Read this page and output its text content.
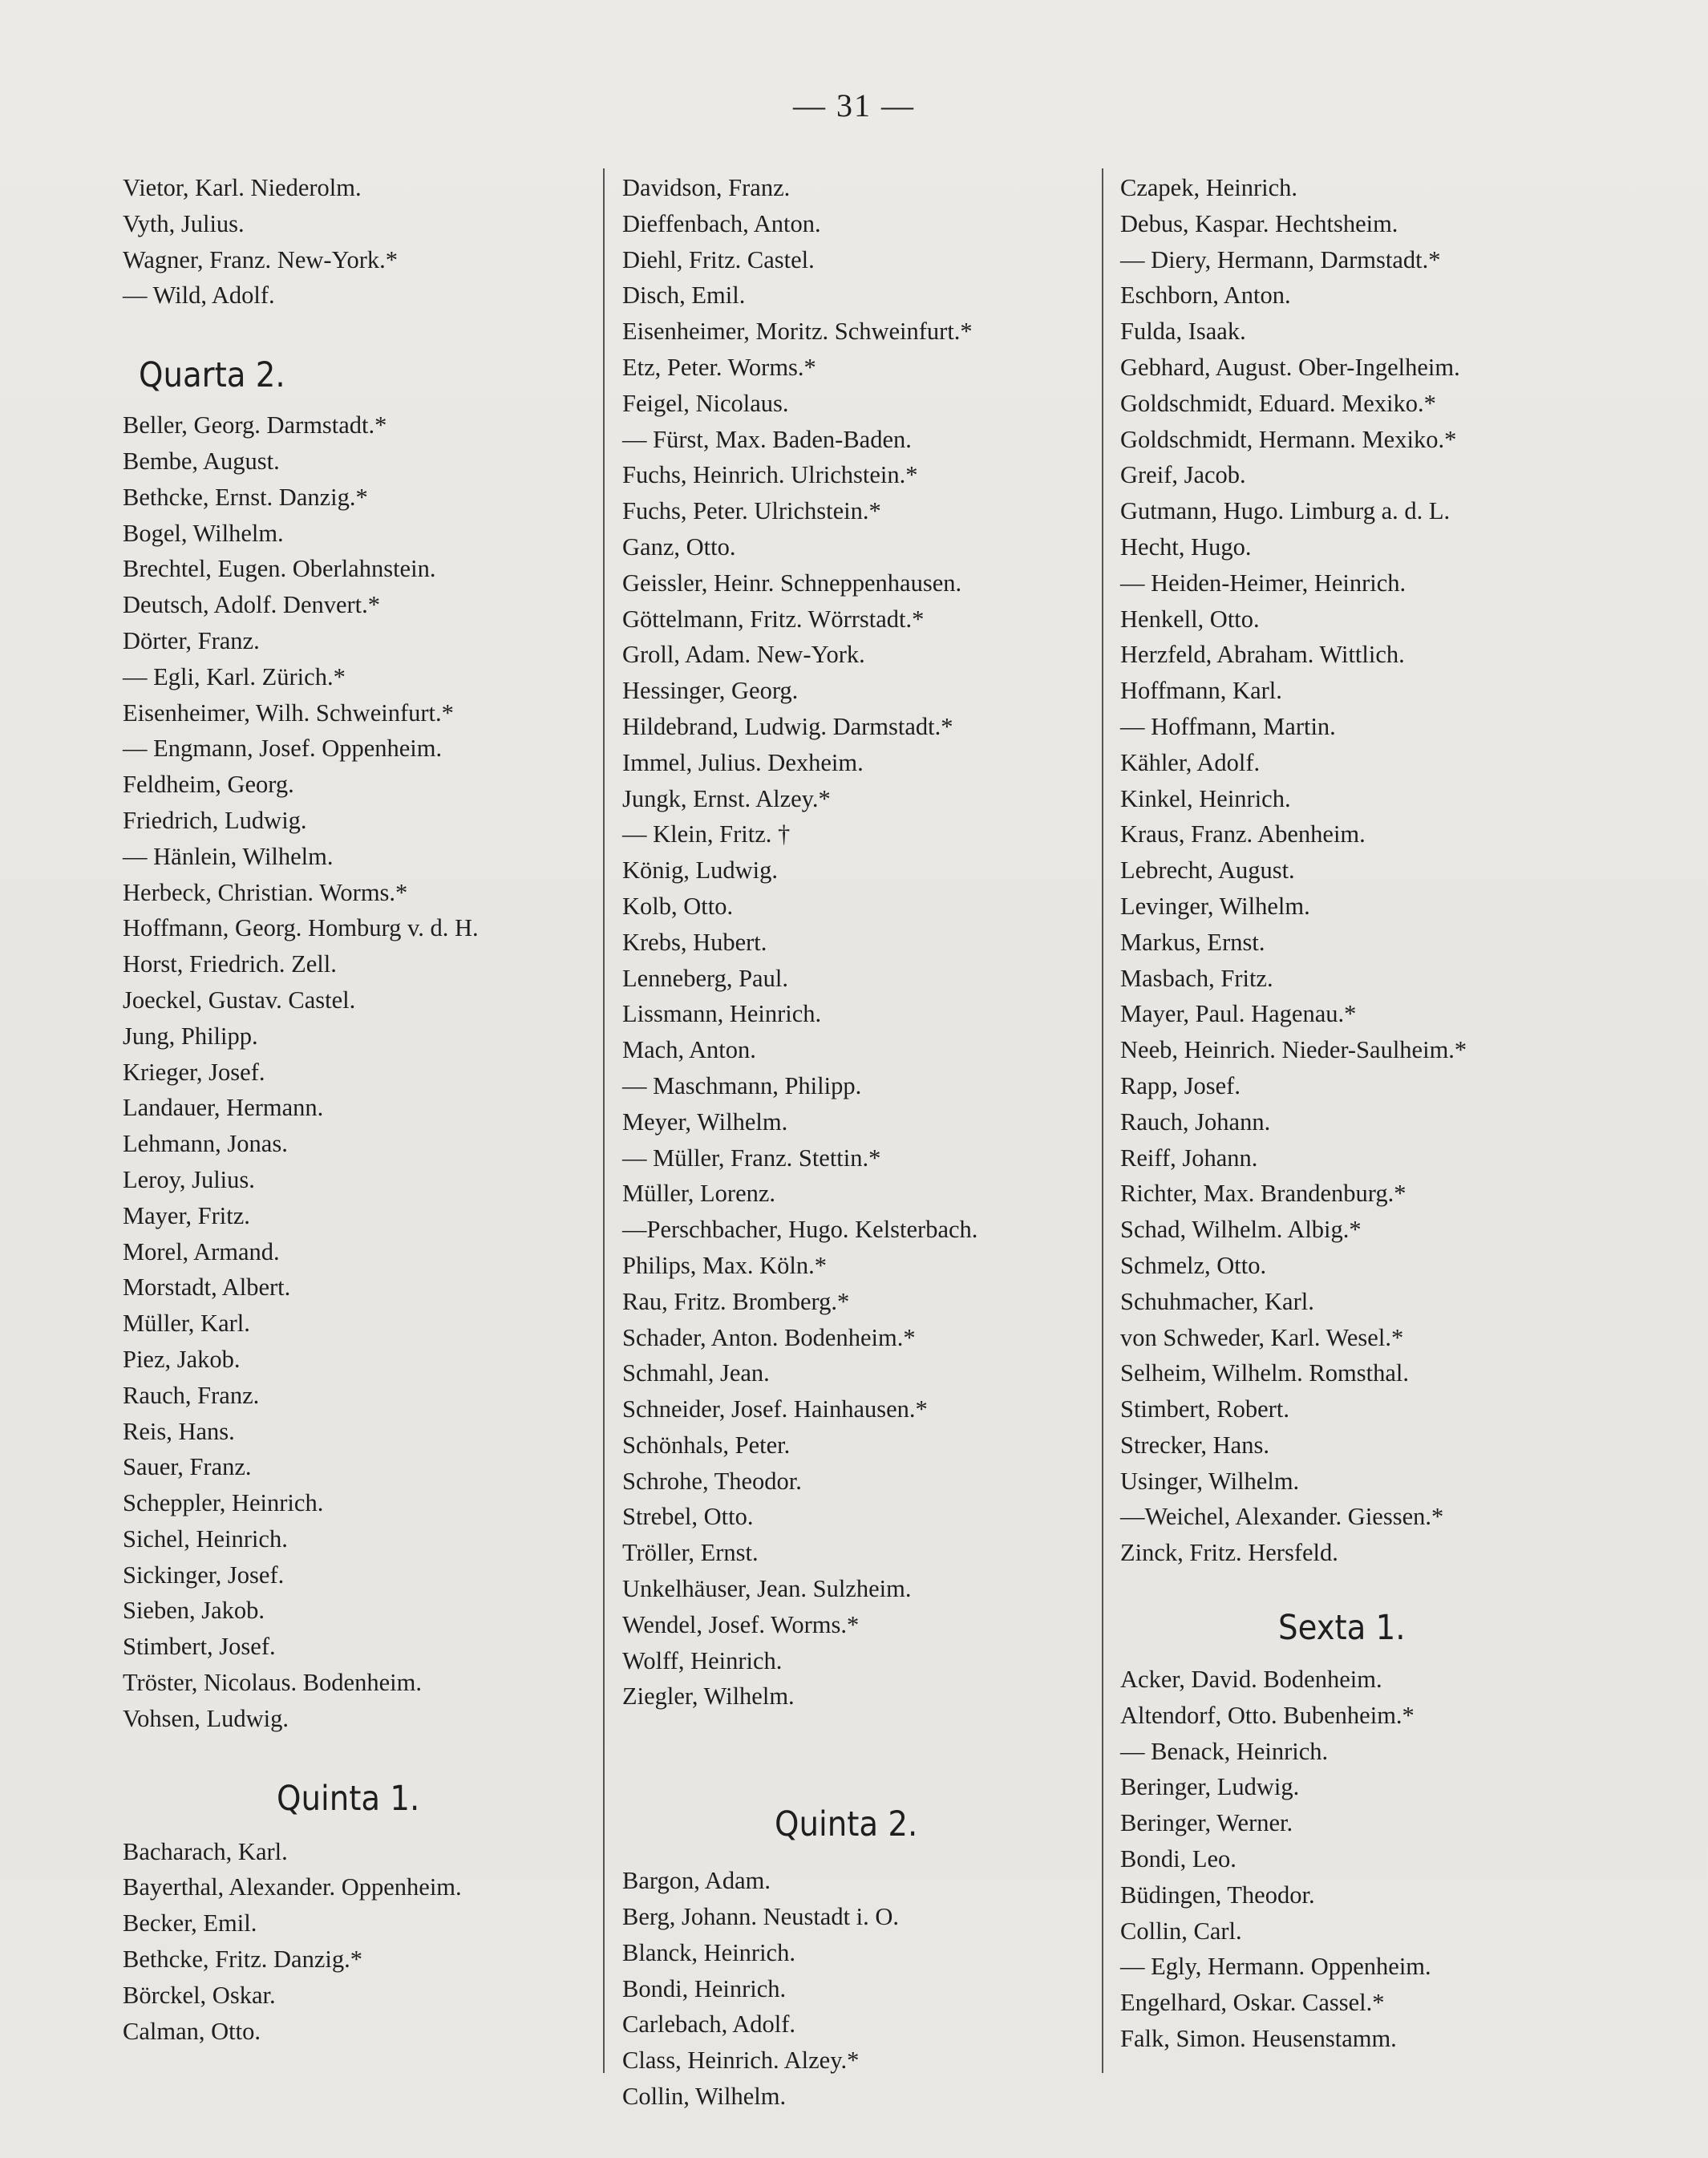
— 31 —
Vietor, Karl. Niederolm.
Vyth, Julius.
Wagner, Franz. New-York.*
— Wild, Adolf.
Quarta 2.
Beller, Georg. Darmstadt.*
Bembe, August.
Bethcke, Ernst. Danzig.*
Bogel, Wilhelm.
Brechtel, Eugen. Oberlahnstein.
Deutsch, Adolf. Denvert.*
Dörter, Franz.
— Egli, Karl. Zürich.*
Eisenheimer, Wilh. Schweinfurt.*
— Engmann, Josef. Oppenheim.
Feldheim, Georg.
Friedrich, Ludwig.
— Hänlein, Wilhelm.
Herbeck, Christian. Worms.*
Hoffmann, Georg. Homburg v. d. H.
Horst, Friedrich. Zell.
Joeckel, Gustav. Castel.
Jung, Philipp.
Krieger, Josef.
Landauer, Hermann.
Lehmann, Jonas.
Leroy, Julius.
Mayer, Fritz.
Morel, Armand.
Morstadt, Albert.
Müller, Karl.
Piez, Jakob.
Rauch, Franz.
Reis, Hans.
Sauer, Franz.
Scheppler, Heinrich.
Sichel, Heinrich.
Sickinger, Josef.
Sieben, Jakob.
Stimbert, Josef.
Tröster, Nicolaus. Bodenheim.
Vohsen, Ludwig.
Quinta 1.
Bacharach, Karl.
Bayerthal, Alexander. Oppenheim.
Becker, Emil.
Bethcke, Fritz. Danzig.*
Börckel, Oskar.
Calman, Otto.
Davidson, Franz.
Dieffenbach, Anton.
Diehl, Fritz. Castel.
Disch, Emil.
Eisenheimer, Moritz. Schweinfurt.*
Etz, Peter. Worms.*
Feigel, Nicolaus.
— Fürst, Max. Baden-Baden.
Fuchs, Heinrich. Ulrichstein.*
Fuchs, Peter. Ulrichstein.*
Ganz, Otto.
Geissler, Heinr. Schneppenhausen.
Göttelmann, Fritz. Wörrstadt.*
Groll, Adam. New-York.
Hessinger, Georg.
Hildebrand, Ludwig. Darmstadt.*
Immel, Julius. Dexheim.
Jungk, Ernst. Alzey.*
— Klein, Fritz. †
König, Ludwig.
Kolb, Otto.
Krebs, Hubert.
Lenneberg, Paul.
Lissmann, Heinrich.
Mach, Anton.
— Maschmann, Philipp.
Meyer, Wilhelm.
— Müller, Franz. Stettin.*
Müller, Lorenz.
—Perschbacher, Hugo. Kelsterbach.
Philips, Max. Köln.*
Rau, Fritz. Bromberg.*
Schader, Anton. Bodenheim.*
Schmahl, Jean.
Schneider, Josef. Hainhausen.*
Schönhals, Peter.
Schrohe, Theodor.
Strebel, Otto.
Tröller, Ernst.
Unkelhäuser, Jean. Sulzheim.
Wendel, Josef. Worms.*
Wolff, Heinrich.
Ziegler, Wilhelm.
Quinta 2.
Bargon, Adam.
Berg, Johann. Neustadt i. O.
Blanck, Heinrich.
Bondi, Heinrich.
Carlebach, Adolf.
Class, Heinrich. Alzey.*
Collin, Wilhelm.
Czapek, Heinrich.
Debus, Kaspar. Hechtsheim.
— Diery, Hermann, Darmstadt.*
Eschborn, Anton.
Fulda, Isaak.
Gebhard, August. Ober-Ingelheim.
Goldschmidt, Eduard. Mexiko.*
Goldschmidt, Hermann. Mexiko.*
Greif, Jacob.
Gutmann, Hugo. Limburg a. d. L.
Hecht, Hugo.
— Heiden-Heimer, Heinrich.
Henkell, Otto.
Herzfeld, Abraham. Wittlich.
Hoffmann, Karl.
— Hoffmann, Martin.
Kähler, Adolf.
Kinkel, Heinrich.
Kraus, Franz. Abenheim.
Lebrecht, August.
Levinger, Wilhelm.
Markus, Ernst.
Masbach, Fritz.
Mayer, Paul. Hagenau.*
Neeb, Heinrich. Nieder-Saulheim.*
Rapp, Josef.
Rauch, Johann.
Reiff, Johann.
Richter, Max. Brandenburg.*
Schad, Wilhelm. Albig.*
Schmelz, Otto.
Schuhmacher, Karl.
von Schweder, Karl. Wesel.*
Selheim, Wilhelm. Romsthal.
Stimbert, Robert.
Strecker, Hans.
Usinger, Wilhelm.
—Weichel, Alexander. Giessen.*
Zinck, Fritz. Hersfeld.
Sexta 1.
Acker, David. Bodenheim.
Altendorf, Otto. Bubenheim.*
— Benack, Heinrich.
Beringer, Ludwig.
Beringer, Werner.
Bondi, Leo.
Büdingen, Theodor.
Collin, Carl.
— Egly, Hermann. Oppenheim.
Engelhard, Oskar. Cassel.*
Falk, Simon. Heusenstamm.
